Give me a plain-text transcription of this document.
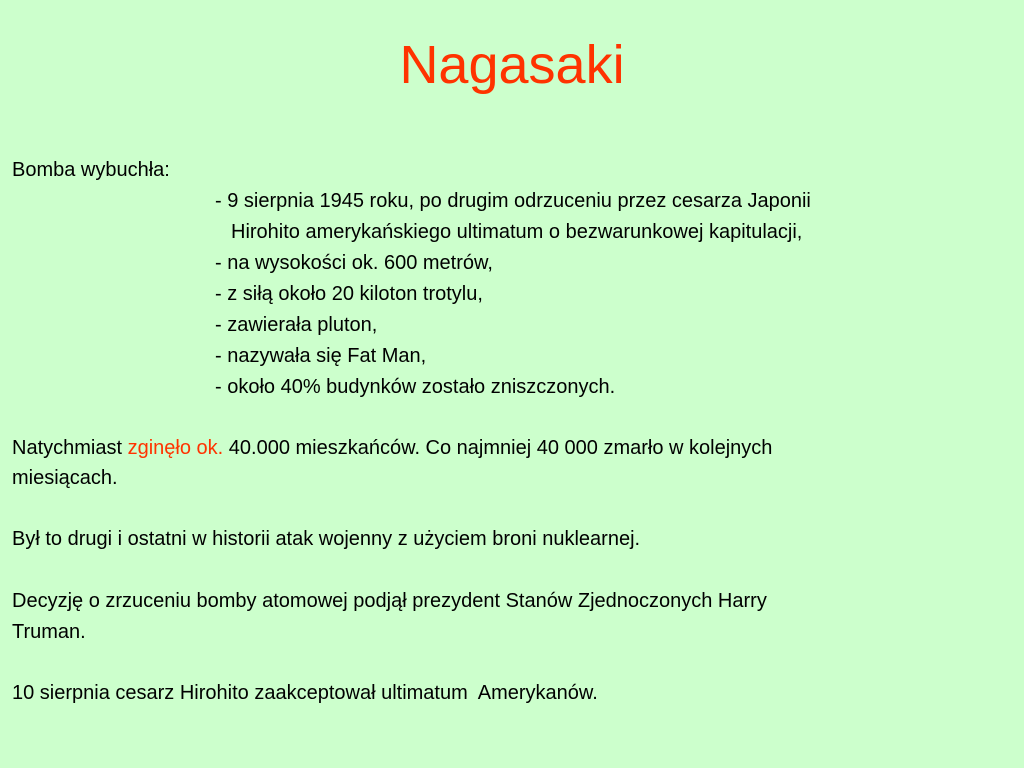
Nagasaki
Bomba wybuchła:
- 9 sierpnia 1945 roku, po drugim odrzuceniu przez cesarza Japonii
Hirohito amerykańskiego ultimatum o bezwarunkowej kapitulacji,
- na wysokości ok. 600 metrów,
- z siłą około 20 kiloton trotylu,
- zawierała pluton,
- nazywała się Fat Man,
- około 40% budynków zostało zniszczonych.
Natychmiast zginęło ok. 40.000 mieszkańców. Co najmniej 40 000 zmarło w kolejnych
miesiącach.
Był to drugi i ostatni w historii atak wojenny z użyciem broni nuklearnej.
Decyzję o zrzuceniu bomby atomowej podjął prezydent Stanów Zjednoczonych Harry
Truman.
10 sierpnia cesarz Hirohito zaakceptował ultimatum  Amerykanów.
